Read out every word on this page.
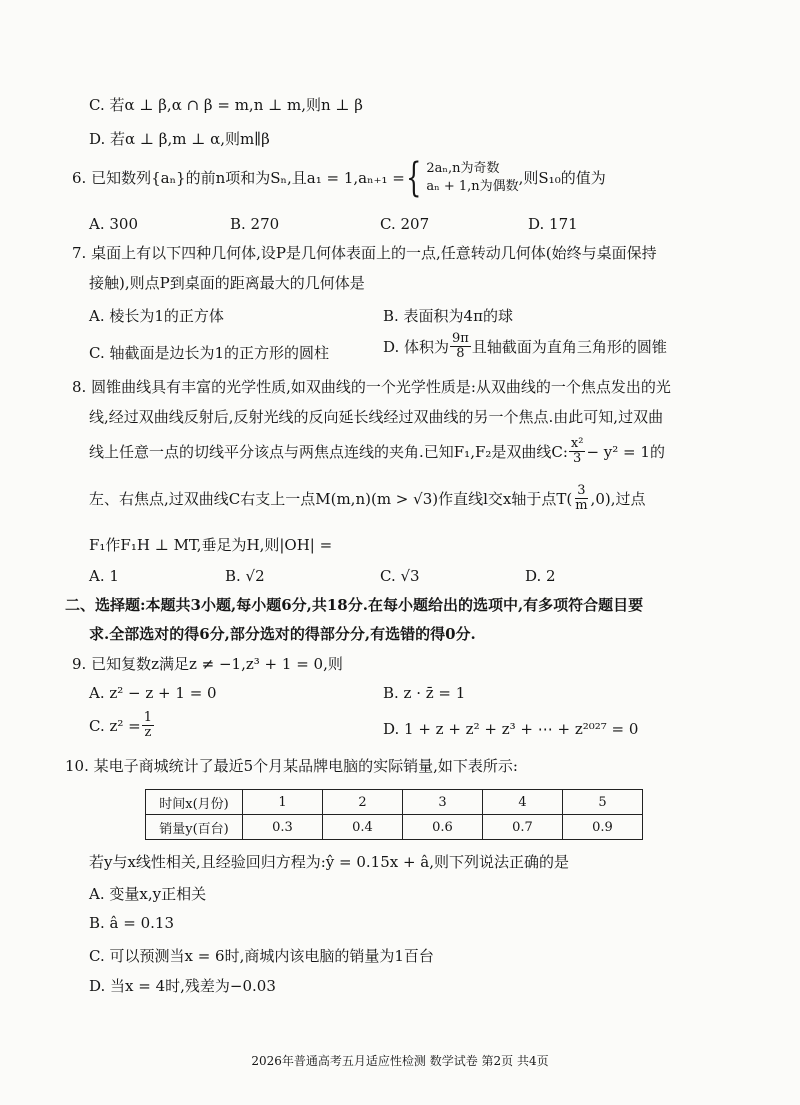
C. 若α ⊥ β,α ∩ β = m,n ⊥ m,则n ⊥ β
D. 若α ⊥ β,m ⊥ α,则m∥β
6. 已知数列{aₙ}的前n项和为Sₙ,且a₁ = 1,aₙ₊₁ = { 2aₙ,n为奇数
aₙ + 1,n为偶数 ,则S₁₀的值为
A. 300	B. 270	C. 207	D. 171
7. 桌面上有以下四种几何体,设P是几何体表面上的一点,任意转动几何体(始终与桌面保持
接触),则点P到桌面的距离最大的几何体是
A. 棱长为1的正方体	B. 表面积为4π的球
C. 轴截面是边长为1的正方形的圆柱	D. 体积为 $\frac{9\pi}{8}$ 且轴截面为直角三角形的圆锥
8. 圆锥曲线具有丰富的光学性质,如双曲线的一个光学性质是:从双曲线的一个焦点发出的光
线,经过双曲线反射后,反射光线的反向延长线经过双曲线的另一个焦点.由此可知,过双曲
线上任意一点的切线平分该点与两焦点连线的夹角.已知F₁,F₂是双曲线C: $\frac{\text{x²}}{3} - y^2 = 1$的
左、右焦点,过双曲线C右支上一点M(m,n)(m > √3)作直线l交x轴于点$T( \frac{3}{m} ,0)$,过点
F₁作F₁H ⊥ MT,垂足为H,则|OH| =
A. 1	B. √2	C. √3	D. 2
二、选择题:本题共3小题,每小题6分,共18分.在每小题给出的选项中,有多项符合题目要
求.全部选对的得6分,部分选对的得部分分,有选错的得0分.
9. 已知复数z满足z ≠ −1,z³ + 1 = 0,则
A. z² − z + 1 = 0	B. z · z̄ = 1
C. $z^2 = \frac{1}{z}$	D. 1 + z + z² + z³ + ⋯ + z²⁰²⁷ = 0
10. 某电子商城统计了最近5个月某品牌电脑的实际销量,如下表所示:
时间x(月份)	1	2	3	4	5
销量y(百台)	0.3	0.4	0.6	0.7	0.9
若y与x线性相关,且经验回归方程为:ŷ = 0.15x + â,则下列说法正确的是
A. 变量x,y正相关
B. â = 0.13
C. 可以预测当x = 6时,商城内该电脑的销量为1百台
D. 当x = 4时,残差为−0.03
2026年普通高考五月适应性检测 数学试卷 第2页 共4页
